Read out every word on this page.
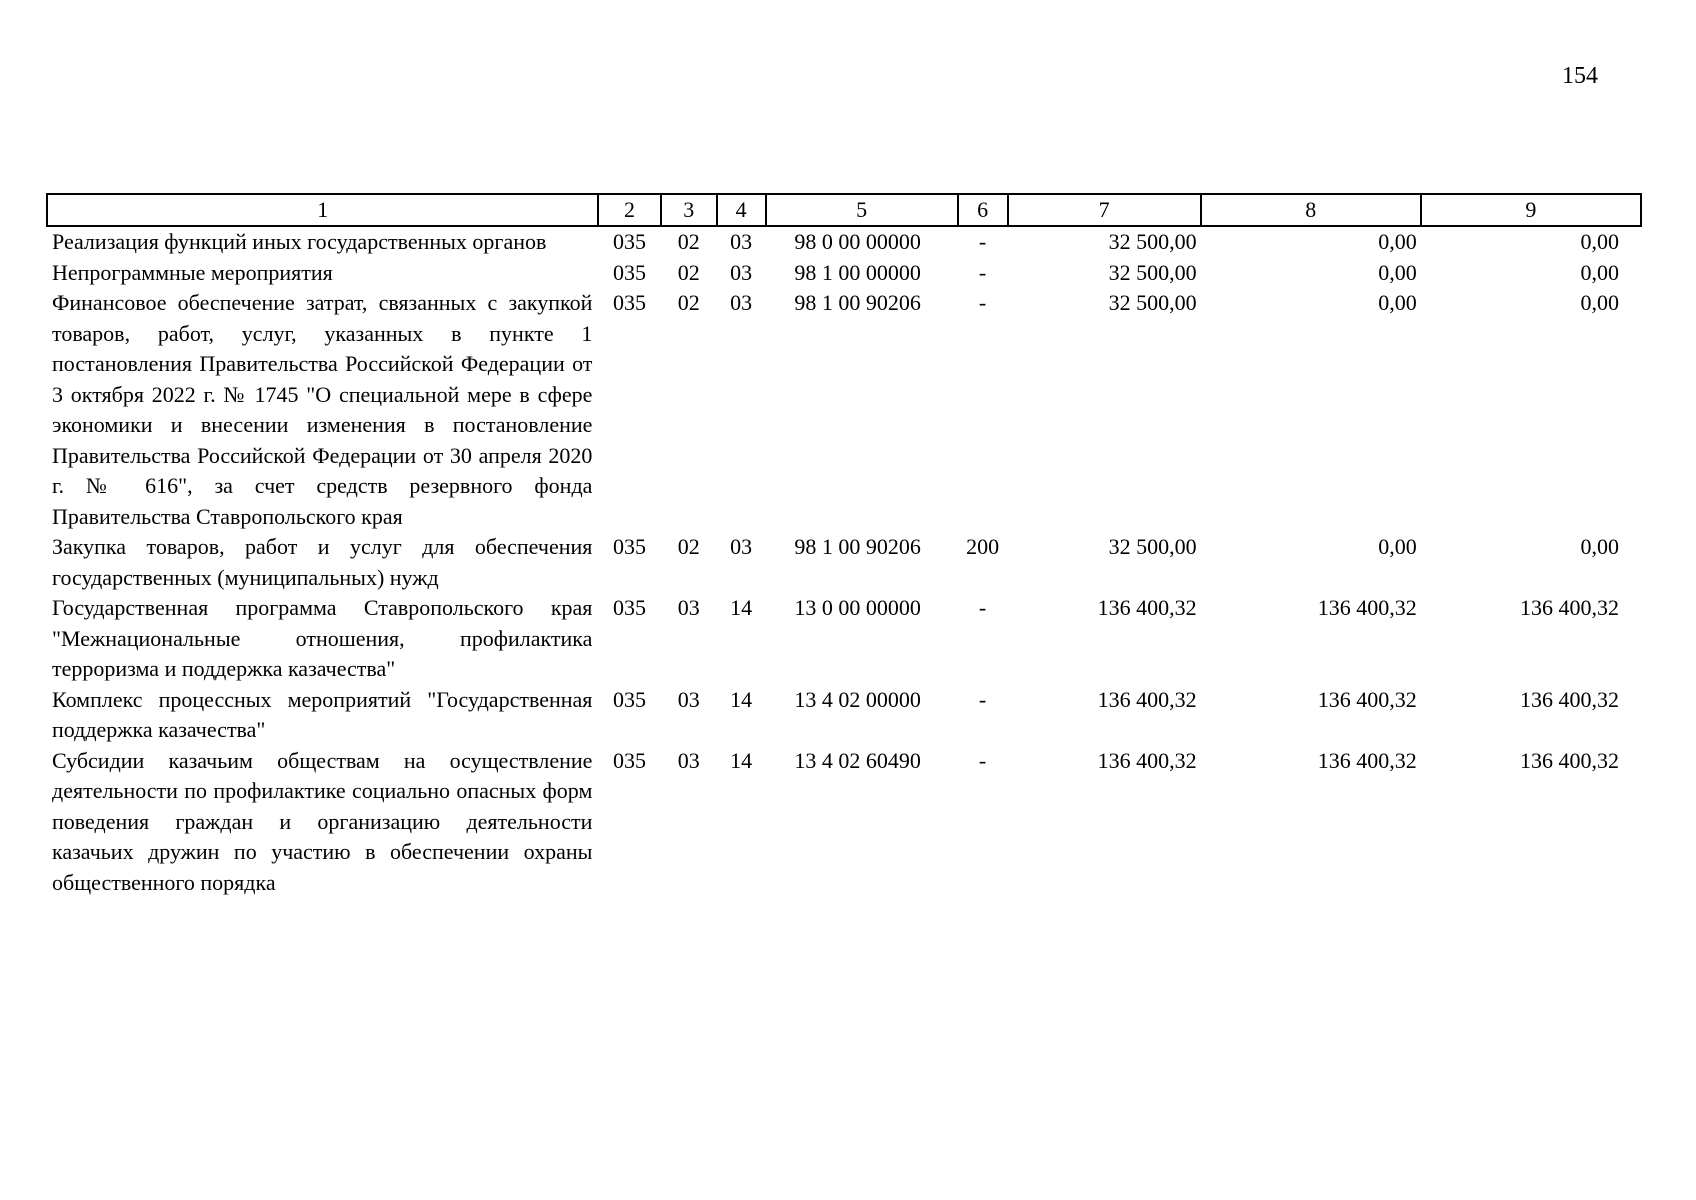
154
1	2	3	4	5	6	7	8	9
Реализация функций иных государственных органов	035	02	03	98 0 00 00000	-	32 500,00	0,00	0,00
Непрограммные мероприятия	035	02	03	98 1 00 00000	-	32 500,00	0,00	0,00
Финансовое обеспечение затрат, связанных с закупкой товаров, работ, услуг, указанных в пункте 1 постановления Правительства Российской Федерации от 3 октября 2022 г. № 1745 "О специальной мере в сфере экономики и внесении изменения в постановление Правительства Российской Федерации от 30 апреля 2020 г. № 616", за счет средств резервного фонда Правительства Ставропольского края	035	02	03	98 1 00 90206	-	32 500,00	0,00	0,00
Закупка товаров, работ и услуг для обеспечения государственных (муниципальных) нужд	035	02	03	98 1 00 90206	200	32 500,00	0,00	0,00
Государственная программа Ставропольского края "Межнациональные отношения, профилактика терроризма и поддержка казачества"	035	03	14	13 0 00 00000	-	136 400,32	136 400,32	136 400,32
Комплекс процессных мероприятий "Государственная поддержка казачества"	035	03	14	13 4 02 00000	-	136 400,32	136 400,32	136 400,32
Субсидии казачьим обществам на осуществление деятельности по профилактике социально опасных форм поведения граждан и организацию деятельности казачьих дружин по участию в обеспечении охраны общественного порядка	035	03	14	13 4 02 60490	-	136 400,32	136 400,32	136 400,32
